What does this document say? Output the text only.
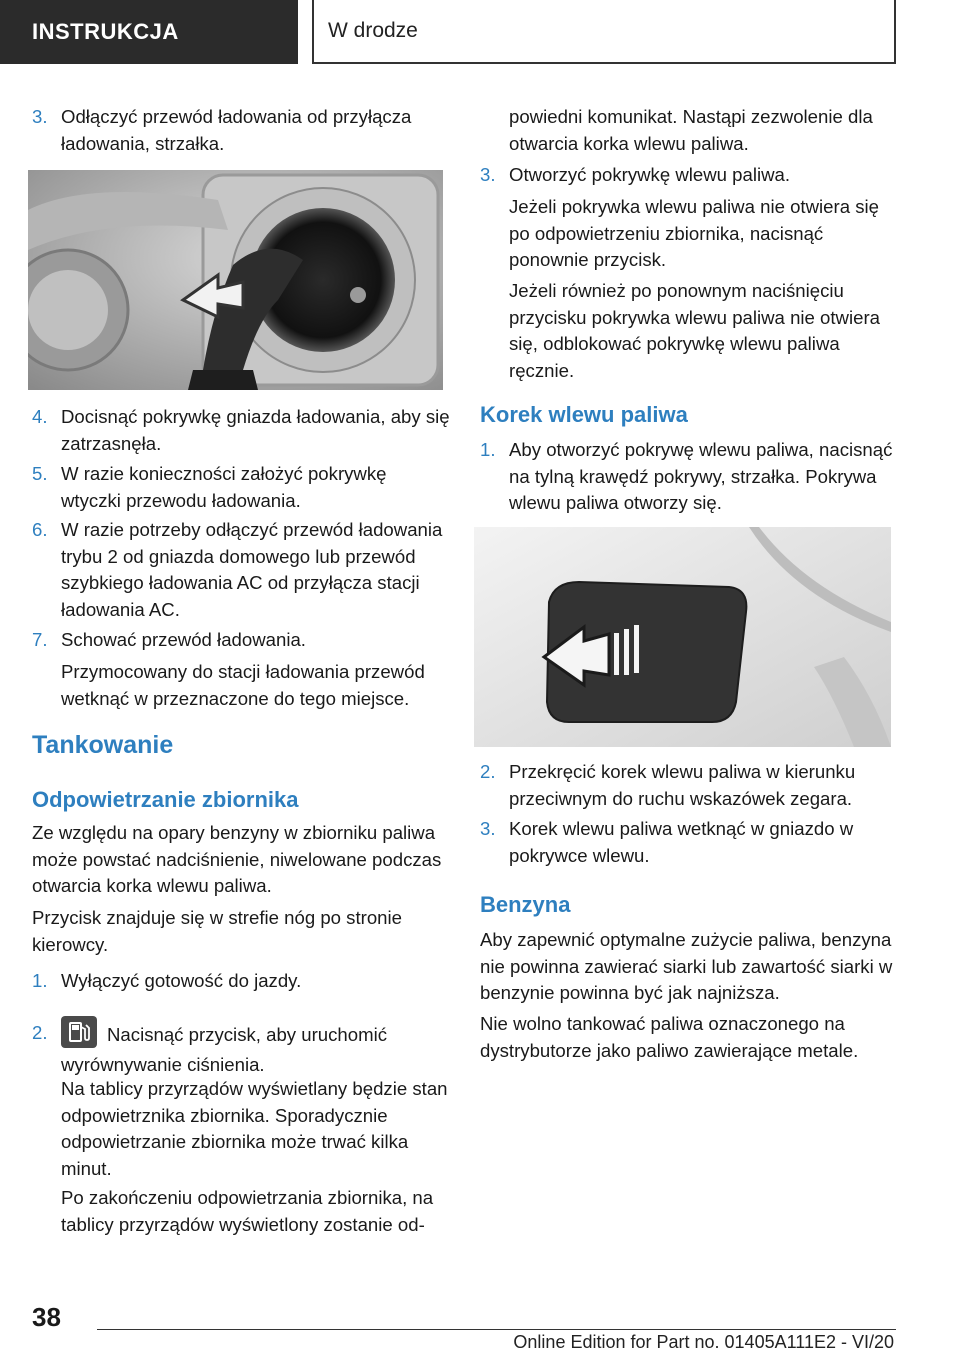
INSTRUKCJA	W drodze
3. Odłączyć przewód ładowania od przyłącza ładowania, strzałka.
4. Docisnąć pokrywkę gniazda ładowania, aby się zatrzasnęła.
5. W razie konieczności założyć pokrywkę wtyczki przewodu ładowania.
6. W razie potrzeby odłączyć przewód ładowania trybu 2 od gniazda domowego lub przewód szybkiego ładowania AC od przyłącza stacji ładowania AC.
7. Schować przewód ładowania.

Przymocowany do stacji ładowania przewód wetknąć w przeznaczone do tego miejsce.

Tankowanie
Odpowietrzanie zbiornika

Ze względu na opary benzyny w zbiorniku paliwa może powstać nadciśnienie, niwelowane podczas otwarcia korka wlewu paliwa.

Przycisk znajduje się w strefie nóg po stronie kierowcy.

1. Wyłączyć gotowość do jazdy.
2.	Nacisnąć przycisk, aby uruchomić wyrównywanie ciśnienia.

Na tablicy przyrządów wyświetlany będzie stan odpowietrznika zbiornika. Sporadycznie odpowietrzanie zbiornika może trwać kilka minut.

Po zakończeniu odpowietrzania zbiornika, na tablicy przyrządów wyświetlony zostanie od-

powiedni komunikat. Nastąpi zezwolenie dla otwarcia korka wlewu paliwa.

3. Otworzyć pokrywkę wlewu paliwa.

Jeżeli pokrywka wlewu paliwa nie otwiera się po odpowietrzeniu zbiornika, nacisnąć ponownie przycisk.

Jeżeli również po ponownym naciśnięciu przycisku pokrywka wlewu paliwa nie otwiera się, odblokować pokrywkę wlewu paliwa ręcznie.

Korek wlewu paliwa
1. Aby otworzyć pokrywę wlewu paliwa, nacisnąć na tylną krawędź pokrywy, strzałka. Pokrywa wlewu paliwa otworzy się.
2. Przekręcić korek wlewu paliwa w kierunku przeciwnym do ruchu wskazówek zegara.
3. Korek wlewu paliwa wetknąć w gniazdo w pokrywce wlewu.
Benzyna

Aby zapewnić optymalne zużycie paliwa, benzyna nie powinna zawierać siarki lub zawartość siarki w benzynie powinna być jak najniższa.

Nie wolno tankować paliwa oznaczonego na dystrybutorze jako paliwo zawierające metale.

38
Online Edition for Part no. 01405A111E2 - VI/20
